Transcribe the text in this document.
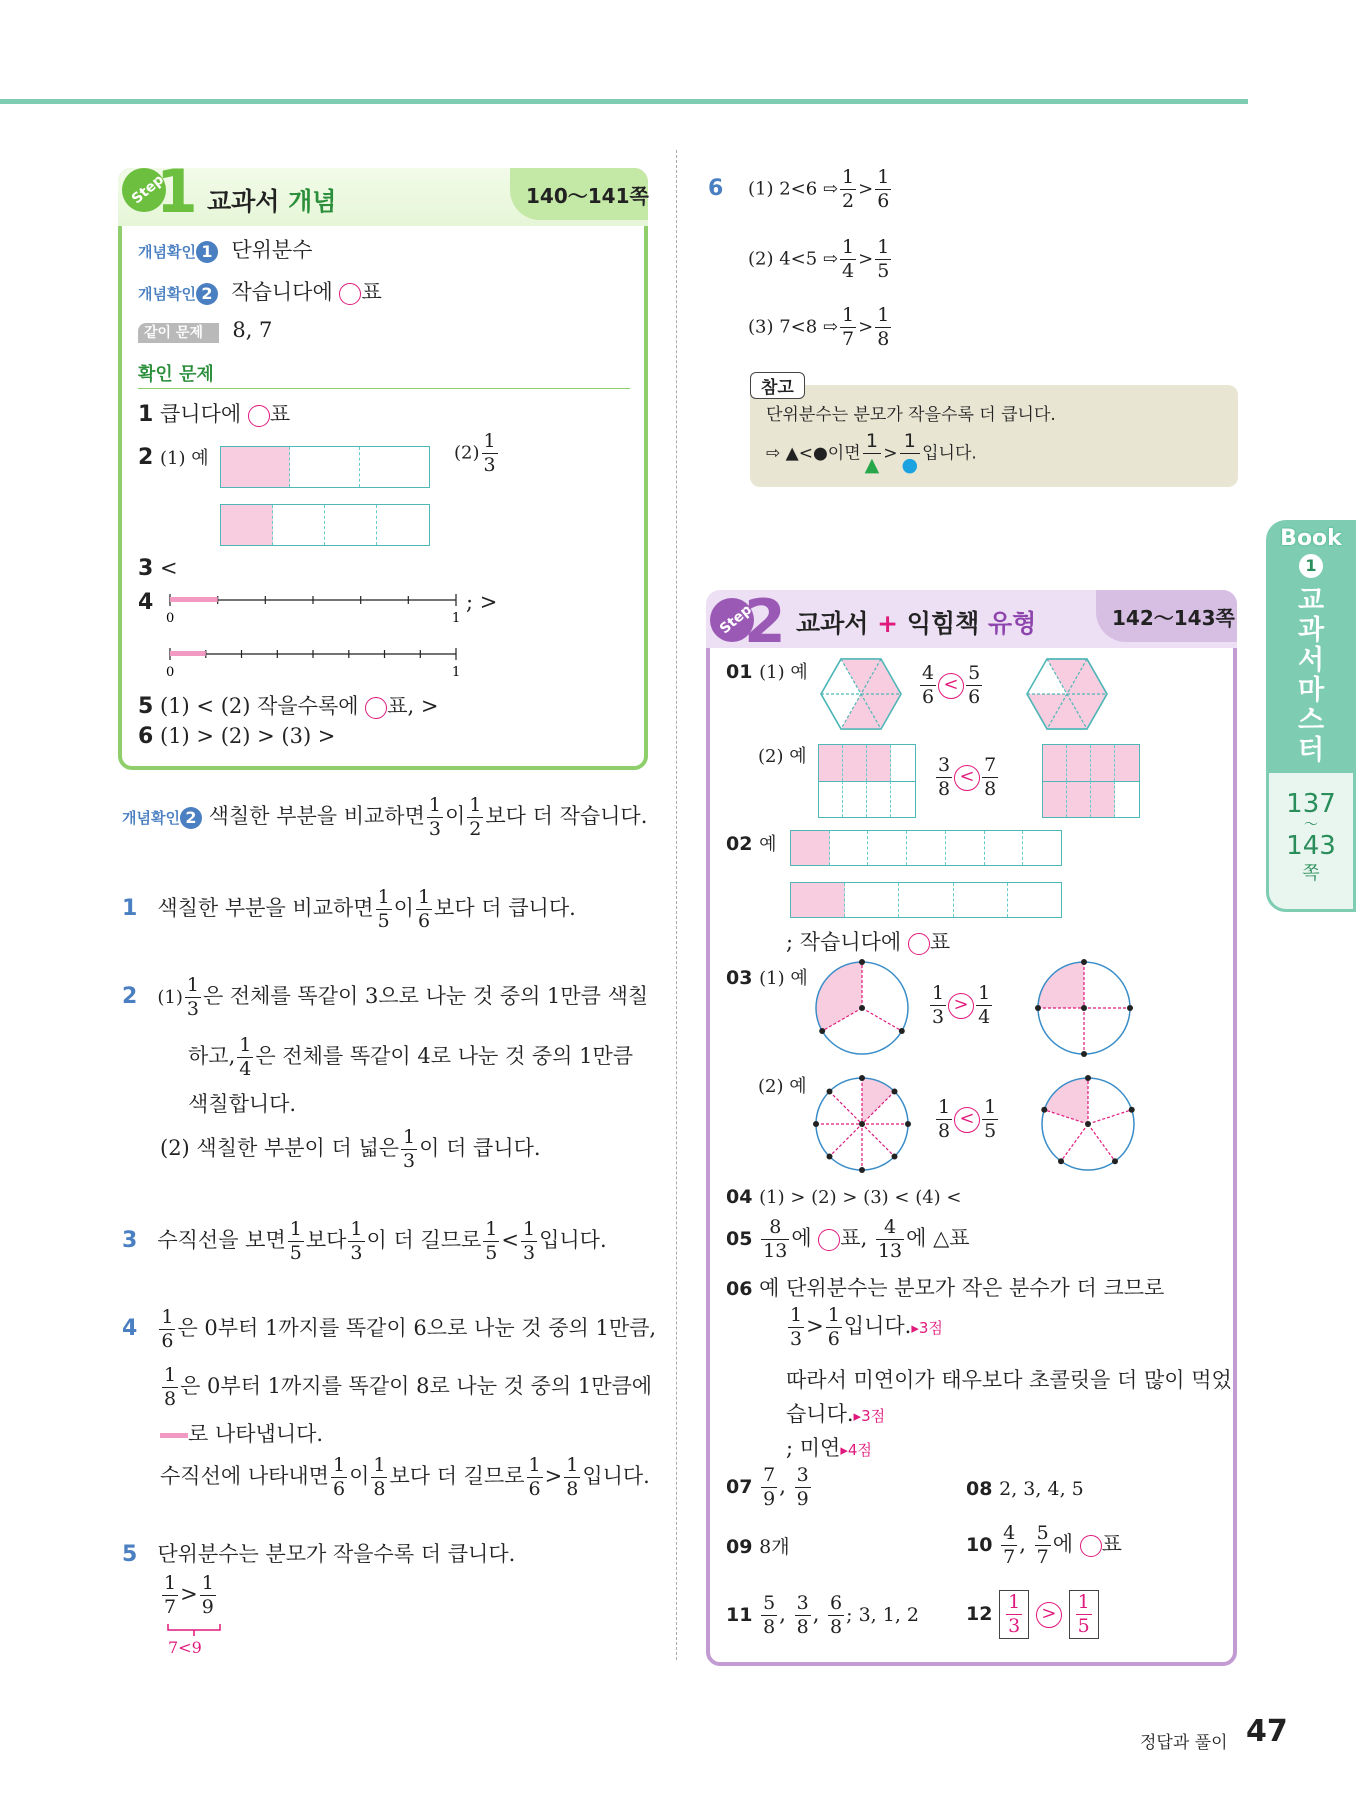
Step
1 교과서 개념	140～141쪽
개념확인 1 단위분수
개념확인 2 작습니다에 표
같이 문제 8, 7
확인 문제
1 큽니다에 표
2 (1) 예	$(2) \frac{1}{3}$
3 <
4
0	1
0	1
; >
5 (1) < (2) 작을수록에 표, >
6 (1) > (2) > (3) >
개념확인 2 색칠한 부분을 비교하면 $\frac{1}{3}$ 이 $\frac{1}{2}$ 보다 더 작습니다.
1 색칠한 부분을 비교하면 $\frac{1}{5}$ 이 $\frac{1}{6}$ 보다 더 큽니다.
2 $(1) \frac{1}{3}$ 은 전체를 똑같이 3으로 나눈 것 중의 1만큼 색칠
하고, $\frac{1}{4}$ 은 전체를 똑같이 4로 나눈 것 중의 1만큼
색칠합니다.
(2) 색칠한 부분이 더 넓은 $\frac{1}{3}$ 이 더 큽니다.
3 수직선을 보면 $\frac{1}{5}$ 보다 $\frac{1}{3}$ 이 더 길므로 $\frac{1}{5} < \frac{1}{3}$ 입니다.
$4 \frac{1}{6}$ 은 0부터 1까지를 똑같이 6으로 나눈 것 중의 1만큼,
$\frac{1}{8}$ 은 0부터 1까지를 똑같이 8로 나눈 것 중의 1만큼에
로 나타냅니다.
수직선에 나타내면 $\frac{1}{6}$ 이 $\frac{1}{8}$ 보다 더 길므로 $\frac{1}{6} > \frac{1}{8}$ 입니다.
5 단위분수는 분모가 작을수록 더 큽니다.
$\frac{1}{7} > \frac{1}{9}$
7<9
6 (1) 2<6 ⇨ $\frac{1}{2} > \frac{1}{6}$
(2) 4<5 ⇨ $\frac{1}{4} > \frac{1}{5}$
(3) 7<8 ⇨ $\frac{1}{7} > \frac{1}{8}$
참고
단위분수는 분모가 작을수록 더 큽니다.
⇨ ▲<●이면
1
▲
>
1
●
입니다.
Step
2 교과서 + 익힘책 유형	142～143쪽
01 (1) 예	$\frac{4}{6} < \frac{5}{6}$
(2) 예	$\frac{3}{8} < \frac{7}{8}$
02 예
; 작습니다에 표
03 (1) 예
$\frac{1}{3} > \frac{1}{4}$
(2) 예
$\frac{1}{8} < \frac{1}{5}$
04 (1) > (2) > (3) < (4) <
$05 \frac{8}{13}$ 에 표, $\frac{4}{13}$ 에 △표
06 예 단위분수는 분모가 작은 분수가 더 크므로
$\frac{1}{3} > \frac{1}{6}$ 입니다.▸3점
따라서 미연이가 태우보다 초콜릿을 더 많이 먹었
습니다.▸3점
; 미연▸4점
$07 \frac{7}{9}$ , $\frac{3}{9}$	08 2, 3, 4, 5
09 8개	$10 \frac{4}{7}$ , $\frac{5}{7}$ 에 표
$11 \frac{5}{8}$ , $\frac{3}{8}$ , $\frac{6}{8}$ ; 3, 1, 2 $12 \frac{1}{3} > \frac{1}{5}$
Book
1
교
과
서
마
스
터
137
～
143
쪽
정답과 풀이 47
